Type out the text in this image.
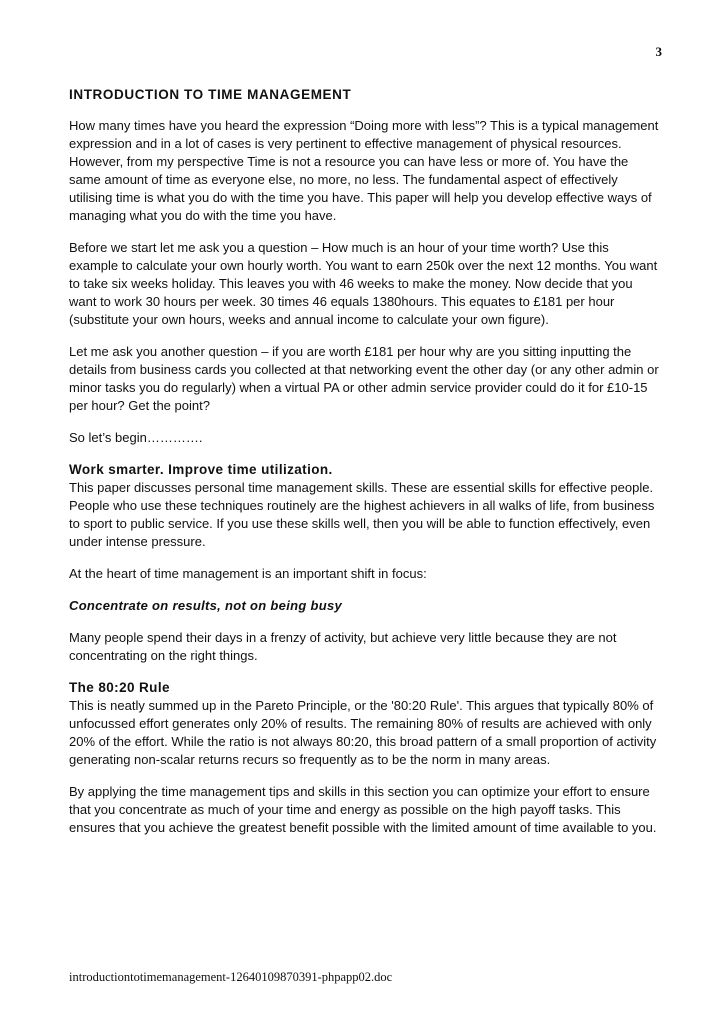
3
INTRODUCTION TO TIME MANAGEMENT

How many times have you heard the expression “Doing more with less”? This is a typical management expression and in a lot of cases is very pertinent to effective management of physical resources. However, from my perspective Time is not a resource you can have less or more of. You have the same amount of time as everyone else, no more, no less. The fundamental aspect of effectively utilising time is what you do with the time you have. This paper will help you develop effective ways of managing what you do with the time you have.

Before we start let me ask you a question – How much is an hour of your time worth? Use this example to calculate your own hourly worth. You want to earn 250k over the next 12 months. You want to take six weeks holiday. This leaves you with 46 weeks to make the money. Now decide that you want to work 30 hours per week. 30 times 46 equals 1380hours. This equates to £181 per hour (substitute your own hours, weeks and annual income to calculate your own figure).

Let me ask you another question – if you are worth £181 per hour why are you sitting inputting the details from business cards you collected at that networking event the other day (or any other admin or minor tasks you do regularly) when a virtual PA or other admin service provider could do it for £10-15 per hour? Get the point?

So let’s begin………….

Work smarter. Improve time utilization.

This paper discusses personal time management skills. These are essential skills for effective people. People who use these techniques routinely are the highest achievers in all walks of life, from business to sport to public service. If you use these skills well, then you will be able to function effectively, even under intense pressure.

At the heart of time management is an important shift in focus:

Concentrate on results, not on being busy

Many people spend their days in a frenzy of activity, but achieve very little because they are not concentrating on the right things.

The 80:20 Rule

This is neatly summed up in the Pareto Principle, or the '80:20 Rule'. This argues that typically 80% of unfocussed effort generates only 20% of results. The remaining 80% of results are achieved with only 20% of the effort. While the ratio is not always 80:20, this broad pattern of a small proportion of activity generating non-scalar returns recurs so frequently as to be the norm in many areas.

By applying the time management tips and skills in this section you can optimize your effort to ensure that you concentrate as much of your time and energy as possible on the high payoff tasks. This ensures that you achieve the greatest benefit possible with the limited amount of time available to you.

introductiontotimemanagement-12640109870391-phpapp02.doc
